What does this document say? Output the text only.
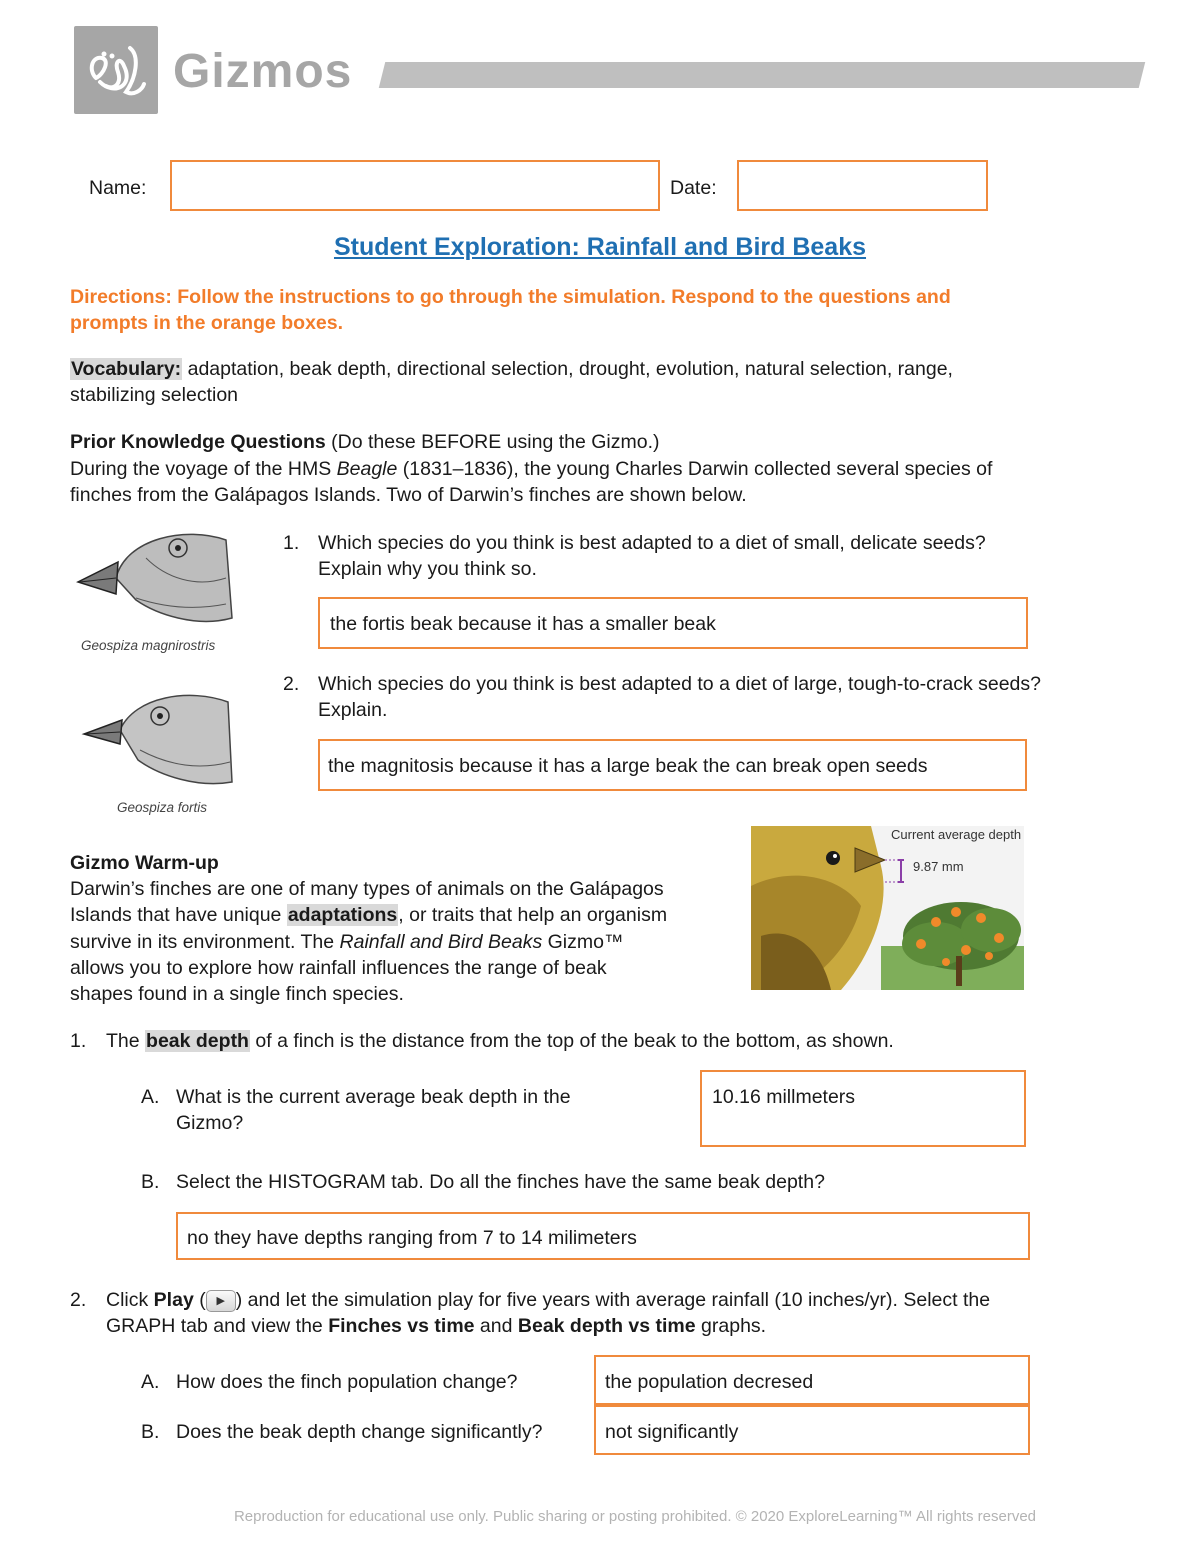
Gizmos
Name:	Date:
Student Exploration: Rainfall and Bird Beaks
Directions: Follow the instructions to go through the simulation. Respond to the questions and
prompts in the orange boxes.
Vocabulary: adaptation, beak depth, directional selection, drought, evolution, natural selection, range,
stabilizing selection
Prior Knowledge Questions (Do these BEFORE using the Gizmo.)
During the voyage of the HMS Beagle (1831–1836), the young Charles Darwin collected several species of
finches from the Galápagos Islands. Two of Darwin’s finches are shown below.
Geospiza magnirostris
Geospiza fortis
1. Which species do you think is best adapted to a diet of small, delicate seeds?
Explain why you think so.
the fortis beak because it has a smaller beak
2. Which species do you think is best adapted to a diet of large, tough-to-crack seeds?
Explain.
the magnitosis because it has a large beak the can break open seeds
Gizmo Warm-up
Darwin’s finches are one of many types of animals on the Galápagos
Islands that have unique adaptations, or traits that help an organism
survive in its environment. The Rainfall and Bird Beaks Gizmo™
allows you to explore how rainfall influences the range of beak
shapes found in a single finch species.
Current average depth
9.87 mm
1. The beak depth of a finch is the distance from the top of the beak to the bottom, as shown.
A. What is the current average beak depth in the
Gizmo?
10.16 millmeters
B. Select the HISTOGRAM tab. Do all the finches have the same beak depth?
no they have depths ranging from 7 to 14 milimeters
2. Click Play ( ▶ ) and let the simulation play for five years with average rainfall (10 inches/yr). Select the
GRAPH tab and view the Finches vs time and Beak depth vs time graphs.
A. How does the finch population change?	the population decresed
B. Does the beak depth change significantly?	not significantly
Reproduction for educational use only. Public sharing or posting prohibited. © 2020 ExploreLearning™ All rights reserved
